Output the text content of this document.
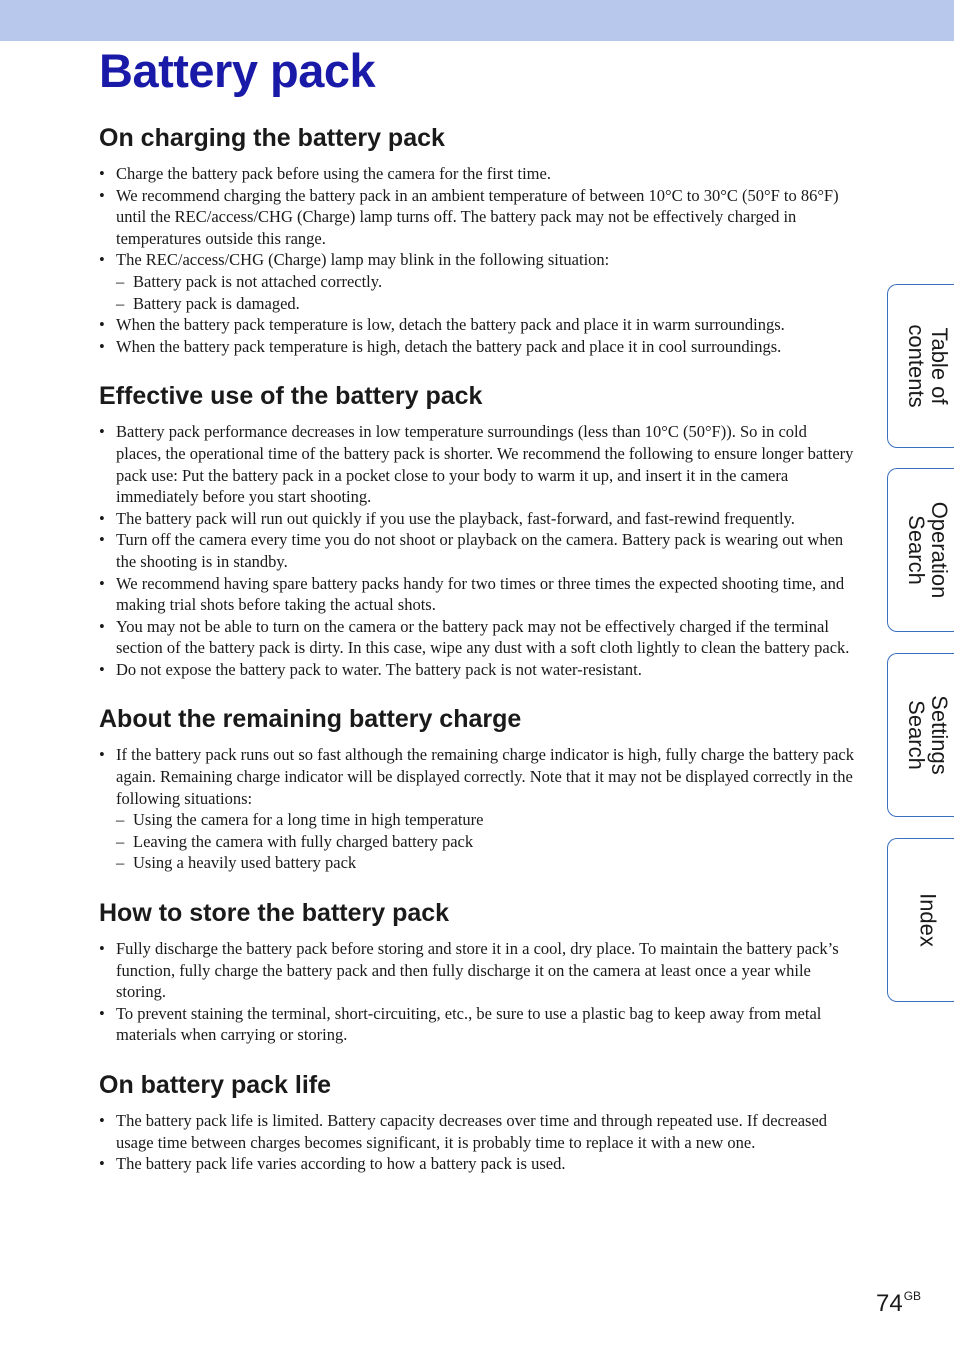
Battery pack
On charging the battery pack
• Charge the battery pack before using the camera for the first time.
• We recommend charging the battery pack in an ambient temperature of between 10°C to 30°C (50°F to 86°F) until the REC/access/CHG (Charge) lamp turns off. The battery pack may not be effectively charged in temperatures outside this range.
• The REC/access/CHG (Charge) lamp may blink in the following situation:
– Battery pack is not attached correctly.
– Battery pack is damaged.
• When the battery pack temperature is low, detach the battery pack and place it in warm surroundings.
• When the battery pack temperature is high, detach the battery pack and place it in cool surroundings.
Effective use of the battery pack
• Battery pack performance decreases in low temperature surroundings (less than 10°C (50°F)). So in cold places, the operational time of the battery pack is shorter. We recommend the following to ensure longer battery pack use: Put the battery pack in a pocket close to your body to warm it up, and insert it in the camera immediately before you start shooting.
• The battery pack will run out quickly if you use the playback, fast-forward, and fast-rewind frequently.
• Turn off the camera every time you do not shoot or playback on the camera. Battery pack is wearing out when the shooting is in standby.
• We recommend having spare battery packs handy for two times or three times the expected shooting time, and making trial shots before taking the actual shots.
• You may not be able to turn on the camera or the battery pack may not be effectively charged if the terminal section of the battery pack is dirty. In this case, wipe any dust with a soft cloth lightly to clean the battery pack.
• Do not expose the battery pack to water. The battery pack is not water-resistant.
About the remaining battery charge
• If the battery pack runs out so fast although the remaining charge indicator is high, fully charge the battery pack again. Remaining charge indicator will be displayed correctly. Note that it may not be displayed correctly in the following situations:
– Using the camera for a long time in high temperature
– Leaving the camera with fully charged battery pack
– Using a heavily used battery pack
How to store the battery pack
• Fully discharge the battery pack before storing and store it in a cool, dry place. To maintain the battery pack’s function, fully charge the battery pack and then fully discharge it on the camera at least once a year while storing.
• To prevent staining the terminal, short-circuiting, etc., be sure to use a plastic bag to keep away from metal materials when carrying or storing.
On battery pack life
• The battery pack life is limited. Battery capacity decreases over time and through repeated use. If decreased usage time between charges becomes significant, it is probably time to replace it with a new one.
• The battery pack life varies according to how a battery pack is used.
Table of
contents
Operation
Search
Settings
Search
Index
$74^{GB}$
